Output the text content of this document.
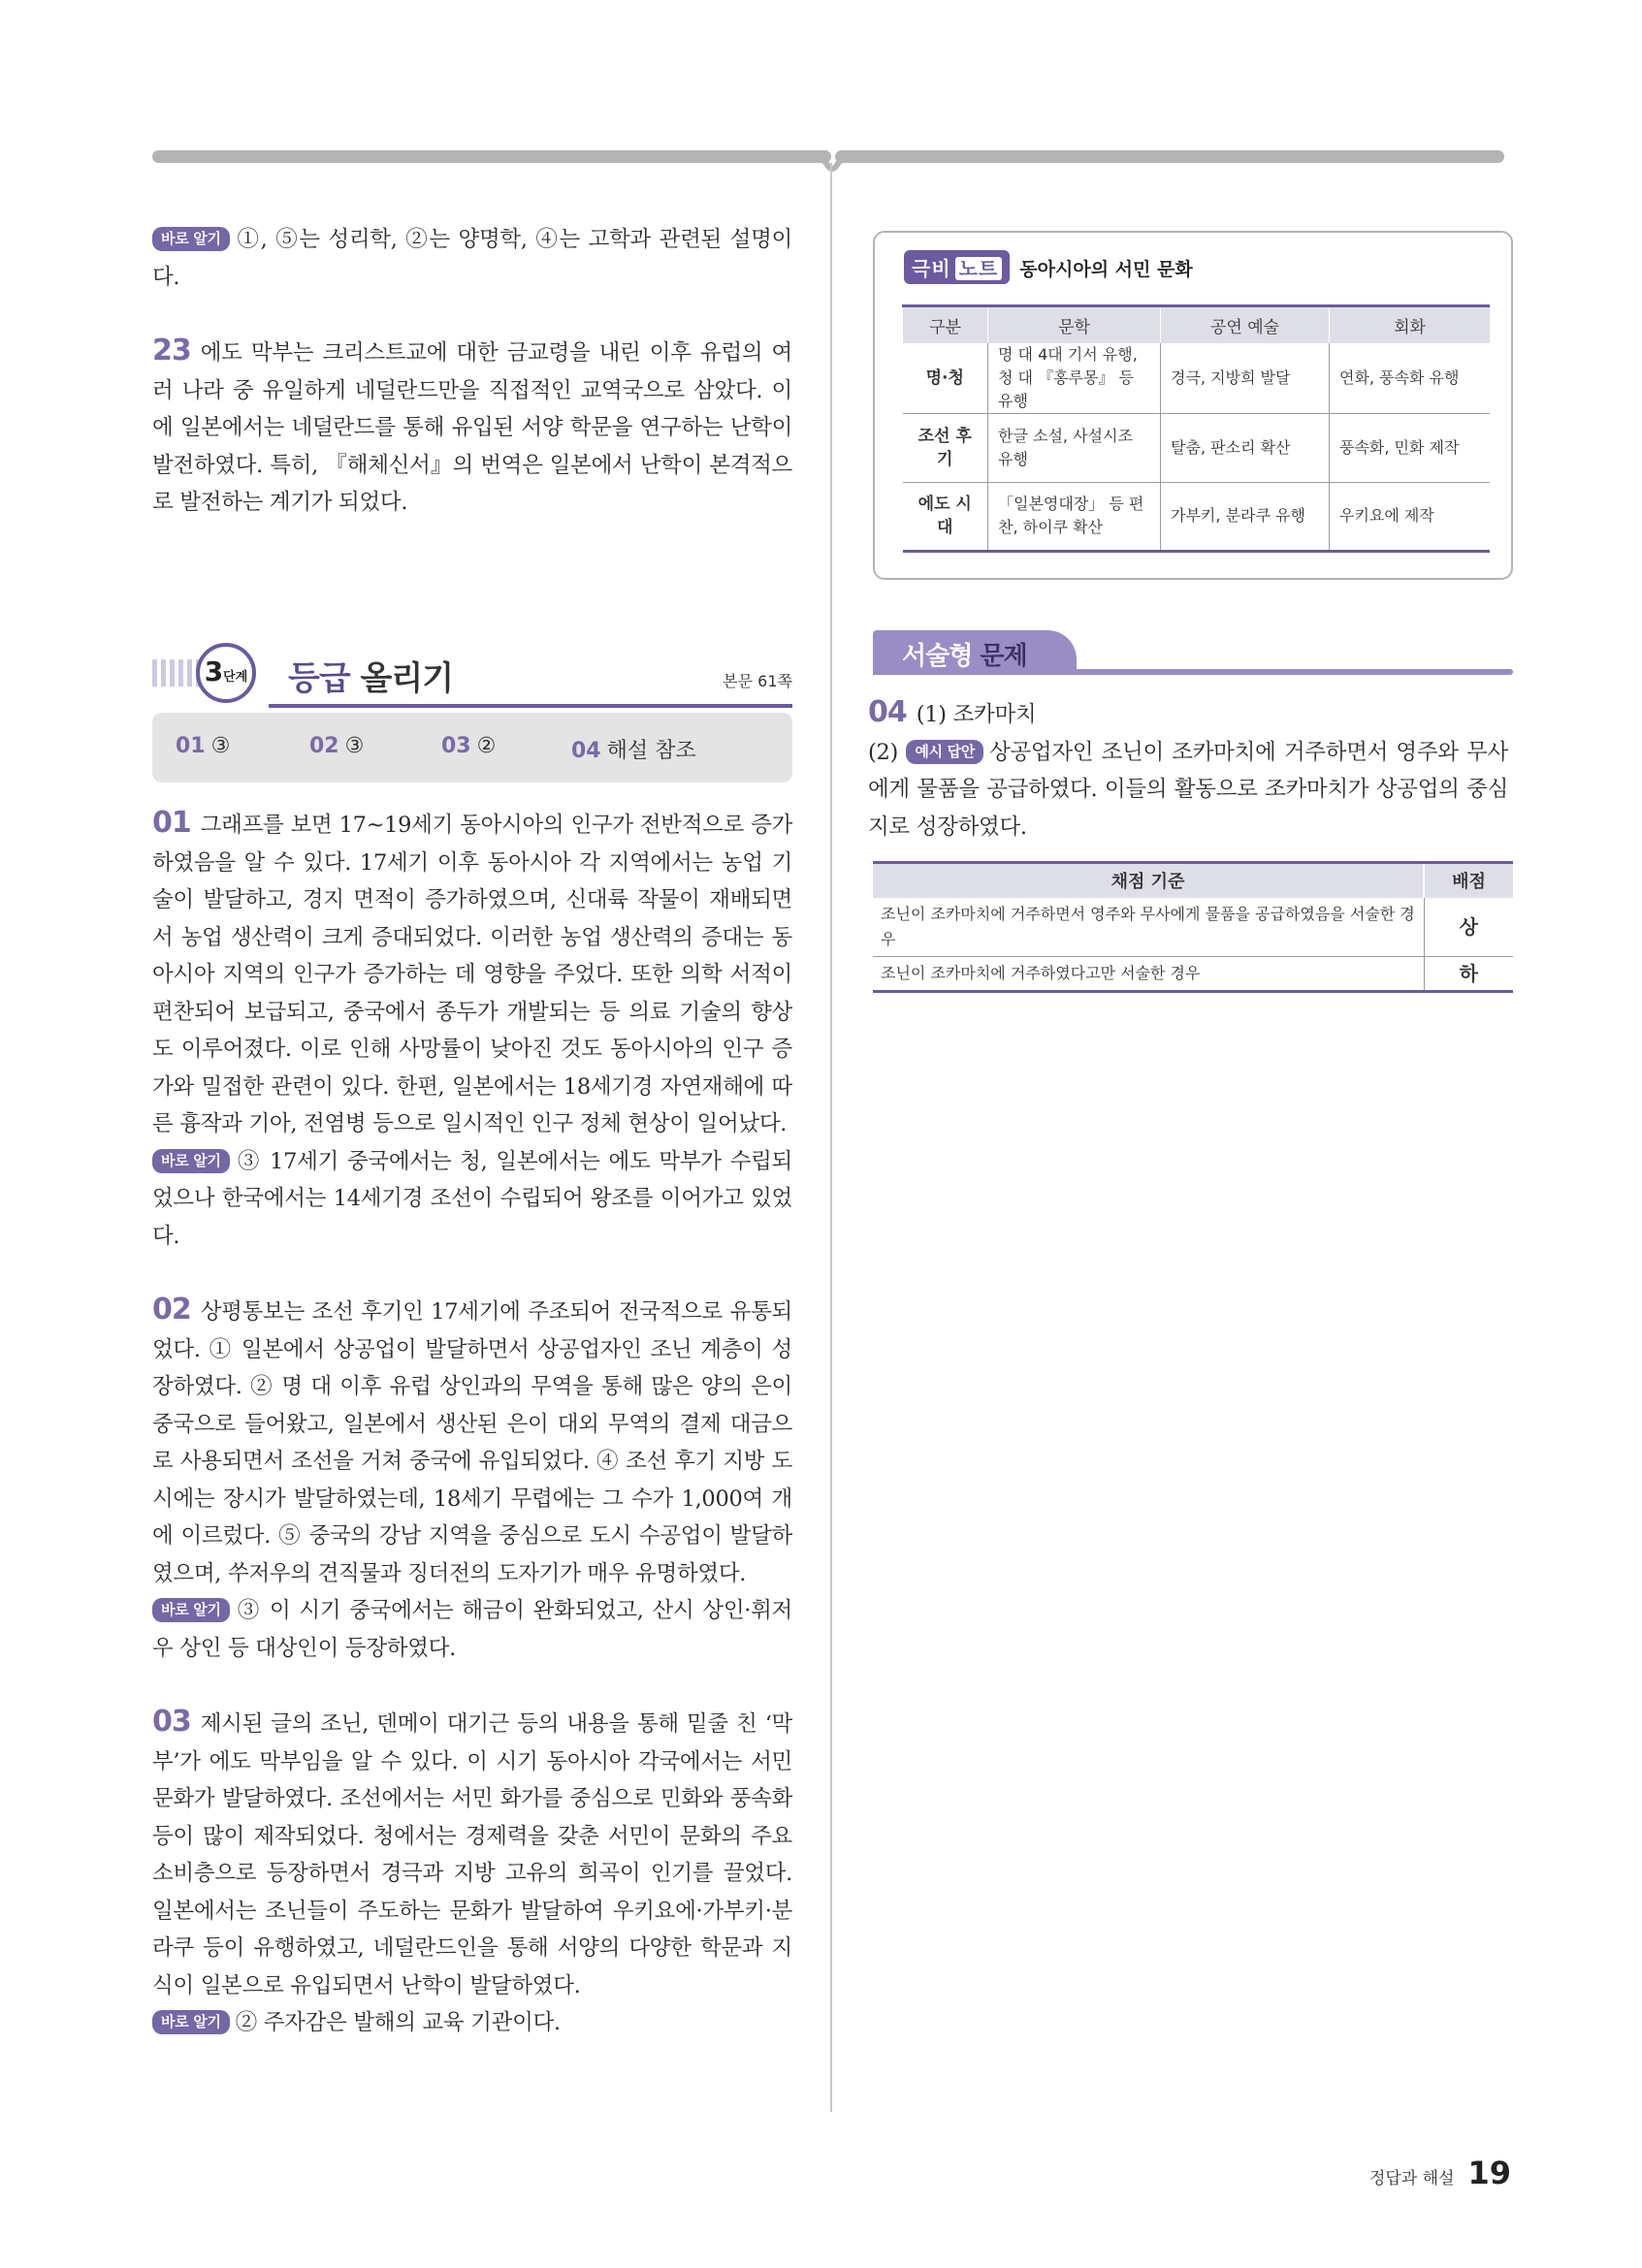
바로 알기 ①, ⑤는 성리학, ②는 양명학, ④는 고학과 관련된 설명이다.

23 에도 막부는 크리스트교에 대한 금교령을 내린 이후 유럽의 여러 나라 중 유일하게 네덜란드만을 직접적인 교역국으로 삼았다. 이에 일본에서는 네덜란드를 통해 유입된 서양 학문을 연구하는 난학이 발전하였다. 특히, 『해체신서』의 번역은 일본에서 난학이 본격적으로 발전하는 계기가 되었다.

3단계 등급 올리기	본문 61쪽
01 ③	02 ③	03 ②	04 해설 참조

01 그래프를 보면 17~19세기 동아시아의 인구가 전반적으로 증가하였음을 알 수 있다. 17세기 이후 동아시아 각 지역에서는 농업 기술이 발달하고, 경지 면적이 증가하였으며, 신대륙 작물이 재배되면서 농업 생산력이 크게 증대되었다. 이러한 농업 생산력의 증대는 동아시아 지역의 인구가 증가하는 데 영향을 주었다. 또한 의학 서적이 편찬되어 보급되고, 중국에서 종두가 개발되는 등 의료 기술의 향상도 이루어졌다. 이로 인해 사망률이 낮아진 것도 동아시아의 인구 증가와 밀접한 관련이 있다. 한편, 일본에서는 18세기경 자연재해에 따른 흉작과 기아, 전염병 등으로 일시적인 인구 정체 현상이 일어났다.

바로 알기 ③ 17세기 중국에서는 청, 일본에서는 에도 막부가 수립되었으나 한국에서는 14세기경 조선이 수립되어 왕조를 이어가고 있었다.

02 상평통보는 조선 후기인 17세기에 주조되어 전국적으로 유통되었다. ① 일본에서 상공업이 발달하면서 상공업자인 조닌 계층이 성장하였다. ② 명 대 이후 유럽 상인과의 무역을 통해 많은 양의 은이 중국으로 들어왔고, 일본에서 생산된 은이 대외 무역의 결제 대금으로 사용되면서 조선을 거쳐 중국에 유입되었다. ④ 조선 후기 지방 도시에는 장시가 발달하였는데, 18세기 무렵에는 그 수가 1,000여 개에 이르렀다. ⑤ 중국의 강남 지역을 중심으로 도시 수공업이 발달하였으며, 쑤저우의 견직물과 징더전의 도자기가 매우 유명하였다.

바로 알기 ③ 이 시기 중국에서는 해금이 완화되었고, 산시 상인·휘저우 상인 등 대상인이 등장하였다.

03 제시된 글의 조닌, 덴메이 대기근 등의 내용을 통해 밑줄 친 ‘막부’가 에도 막부임을 알 수 있다. 이 시기 동아시아 각국에서는 서민 문화가 발달하였다. 조선에서는 서민 화가를 중심으로 민화와 풍속화 등이 많이 제작되었다. 청에서는 경제력을 갖춘 서민이 문화의 주요 소비층으로 등장하면서 경극과 지방 고유의 희곡이 인기를 끌었다. 일본에서는 조닌들이 주도하는 문화가 발달하여 우키요에·가부키·분라쿠 등이 유행하였고, 네덜란드인을 통해 서양의 다양한 학문과 지식이 일본으로 유입되면서 난학이 발달하였다.

바로 알기 ② 주자감은 발해의 교육 기관이다.

극비 노트 동아시아의 서민 문화
구분	문학	공연 예술	회화
명·청	명 대 4대 기서 유행, 청 대 『홍루몽』 등 유행	경극, 지방희 발달	연화, 풍속화 유행
조선 후기	한글 소설, 사설시조 유행	탈춤, 판소리 확산	풍속화, 민화 제작
에도 시대	「일본영대장」 등 편찬, 하이쿠 확산	가부키, 분라쿠 유행	우키요에 제작
서술형 문제

04 (1) 조카마치

(2) 예시 답안 상공업자인 조닌이 조카마치에 거주하면서 영주와 무사에게 물품을 공급하였다. 이들의 활동으로 조카마치가 상공업의 중심지로 성장하였다.

채점 기준	배점
조닌이 조카마치에 거주하면서 영주와 무사에게 물품을 공급하였음을 서술한 경우	상
조닌이 조카마치에 거주하였다고만 서술한 경우	하
정답과 해설 19
